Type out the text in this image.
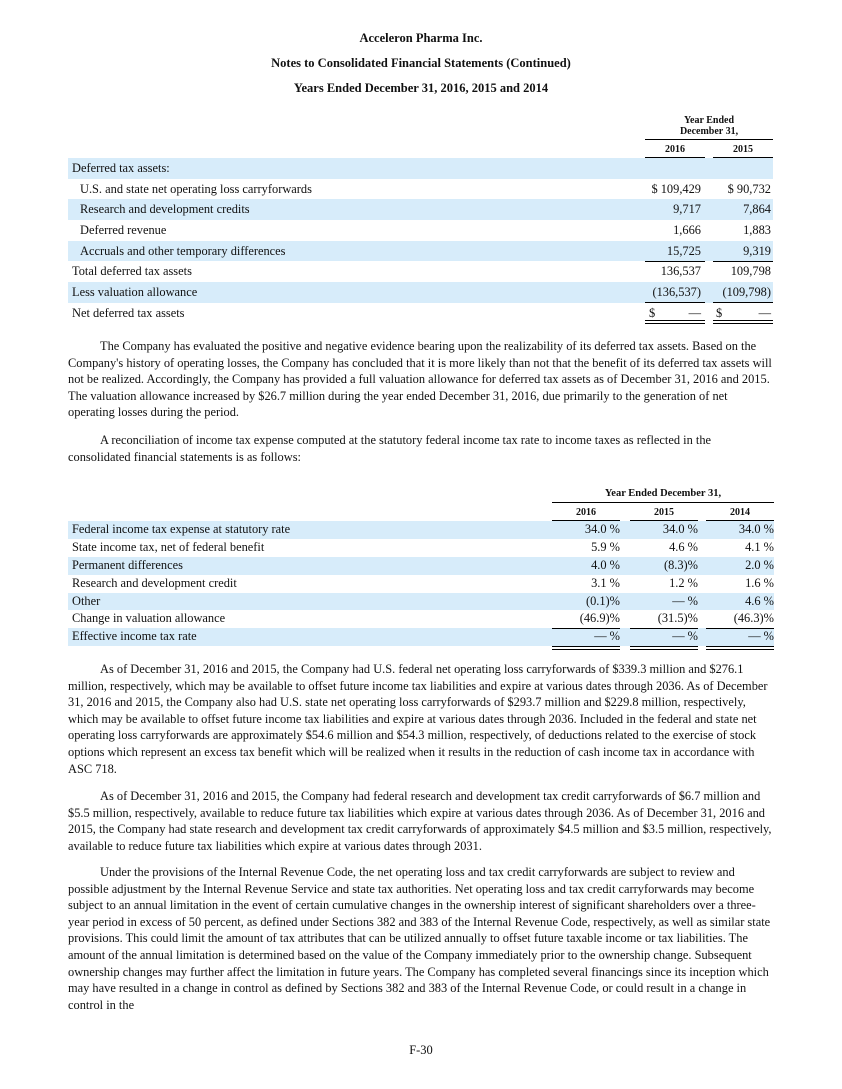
Acceleron Pharma Inc.
Notes to Consolidated Financial Statements (Continued)
Years Ended December 31, 2016, 2015 and 2014
Year Ended
December 31,
2016	2015
Deferred tax assets:
U.S. and state net operating loss carryforwards	$ 109,429 $ 90,732
Research and development credits	9,717	7,864
Deferred revenue	1,666	1,883
Accruals and other temporary differences	15,725	9,319
Total deferred tax assets	136,537 109,798
Less valuation allowance	(136,537) (109,798)
Net deferred tax assets	$	— $	—
The Company has evaluated the positive and negative evidence bearing upon the realizability of its deferred tax assets. Based on the Company's history of operating losses, the Company has concluded that it is more likely than not that the benefit of its deferred tax assets will not be realized. Accordingly, the Company has provided a full valuation allowance for deferred tax assets as of December 31, 2016 and 2015. The valuation allowance increased by $26.7 million during the year ended December 31, 2016, due primarily to the generation of net operating losses during the period.
A reconciliation of income tax expense computed at the statutory federal income tax rate to income taxes as reflected in the consolidated financial statements is as follows:
Year Ended December 31,
2016	2015	2014
Federal income tax expense at statutory rate	34.0 %	34.0 %	34.0 %
State income tax, net of federal benefit	5.9 %	4.6 %	4.1 %
Permanent differences	4.0 %	(8.3)%	2.0 %
Research and development credit	3.1 %	1.2 %	1.6 %
Other	(0.1)%	— %	4.6 %
Change in valuation allowance	(46.9)%	(31.5)%	(46.3)%
Effective income tax rate	— %	— %	— %
As of December 31, 2016 and 2015, the Company had U.S. federal net operating loss carryforwards of $339.3 million and $276.1 million, respectively, which may be available to offset future income tax liabilities and expire at various dates through 2036. As of December 31, 2016 and 2015, the Company also had U.S. state net operating loss carryforwards of $293.7 million and $229.8 million, respectively, which may be available to offset future income tax liabilities and expire at various dates through 2036. Included in the federal and state net operating loss carryforwards are approximately $54.6 million and $54.3 million, respectively, of deductions related to the exercise of stock options which represent an excess tax benefit which will be realized when it results in the reduction of cash income tax in accordance with ASC 718.
As of December 31, 2016 and 2015, the Company had federal research and development tax credit carryforwards of $6.7 million and $5.5 million, respectively, available to reduce future tax liabilities which expire at various dates through 2036. As of December 31, 2016 and 2015, the Company had state research and development tax credit carryforwards of approximately $4.5 million and $3.5 million, respectively, available to reduce future tax liabilities which expire at various dates through 2031.
Under the provisions of the Internal Revenue Code, the net operating loss and tax credit carryforwards are subject to review and possible adjustment by the Internal Revenue Service and state tax authorities. Net operating loss and tax credit carryforwards may become subject to an annual limitation in the event of certain cumulative changes in the ownership interest of significant shareholders over a three-year period in excess of 50 percent, as defined under Sections 382 and 383 of the Internal Revenue Code, respectively, as well as similar state provisions. This could limit the amount of tax attributes that can be utilized annually to offset future taxable income or tax liabilities. The amount of the annual limitation is determined based on the value of the Company immediately prior to the ownership change. Subsequent ownership changes may further affect the limitation in future years. The Company has completed several financings since its inception which may have resulted in a change in control as defined by Sections 382 and 383 of the Internal Revenue Code, or could result in a change in control in the
F-30
